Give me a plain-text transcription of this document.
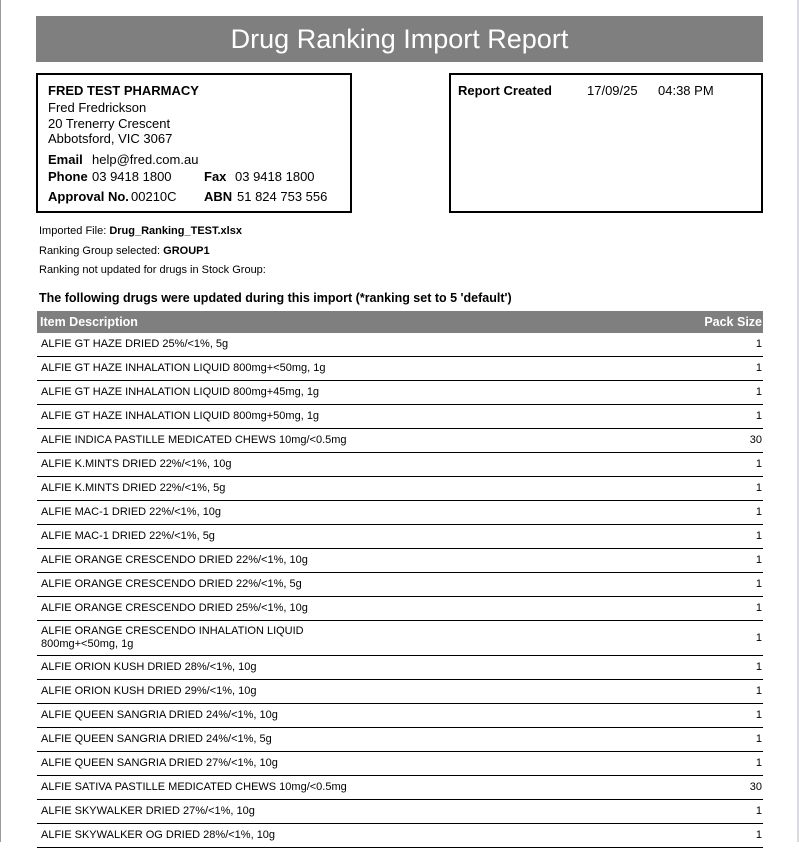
Drug Ranking Import Report
FRED TEST PHARMACY
Fred Fredrickson
20 Trenerry Crescent
Abbotsford, VIC 3067
Email help@fred.com.au
Phone 03 9418 1800 Fax 03 9418 1800
Approval No. 00210C ABN 51 824 753 556
Report Created	17/09/25 04:38 PM
Imported File: Drug_Ranking_TEST.xlsx
Ranking Group selected: GROUP1
Ranking not updated for drugs in Stock Group:
The following drugs were updated during this import (*ranking set to 5 'default')
Item Description	Pack Size
ALFIE GT HAZE DRIED 25%/<1%, 5g	1
ALFIE GT HAZE INHALATION LIQUID 800mg+<50mg, 1g	1
ALFIE GT HAZE INHALATION LIQUID 800mg+45mg, 1g	1
ALFIE GT HAZE INHALATION LIQUID 800mg+50mg, 1g	1
ALFIE INDICA PASTILLE MEDICATED CHEWS 10mg/<0.5mg	30
ALFIE K.MINTS DRIED 22%/<1%, 10g	1
ALFIE K.MINTS DRIED 22%/<1%, 5g	1
ALFIE MAC-1 DRIED 22%/<1%, 10g	1
ALFIE MAC-1 DRIED 22%/<1%, 5g	1
ALFIE ORANGE CRESCENDO DRIED 22%/<1%, 10g	1
ALFIE ORANGE CRESCENDO DRIED 22%/<1%, 5g	1
ALFIE ORANGE CRESCENDO DRIED 25%/<1%, 10g	1
ALFIE ORANGE CRESCENDO INHALATION LIQUID 800mg+<50mg, 1g	1
ALFIE ORION KUSH DRIED 28%/<1%, 10g	1
ALFIE ORION KUSH DRIED 29%/<1%, 10g	1
ALFIE QUEEN SANGRIA DRIED 24%/<1%, 10g	1
ALFIE QUEEN SANGRIA DRIED 24%/<1%, 5g	1
ALFIE QUEEN SANGRIA DRIED 27%/<1%, 10g	1
ALFIE SATIVA PASTILLE MEDICATED CHEWS 10mg/<0.5mg	30
ALFIE SKYWALKER DRIED 27%/<1%, 10g	1
ALFIE SKYWALKER OG DRIED 28%/<1%, 10g	1
